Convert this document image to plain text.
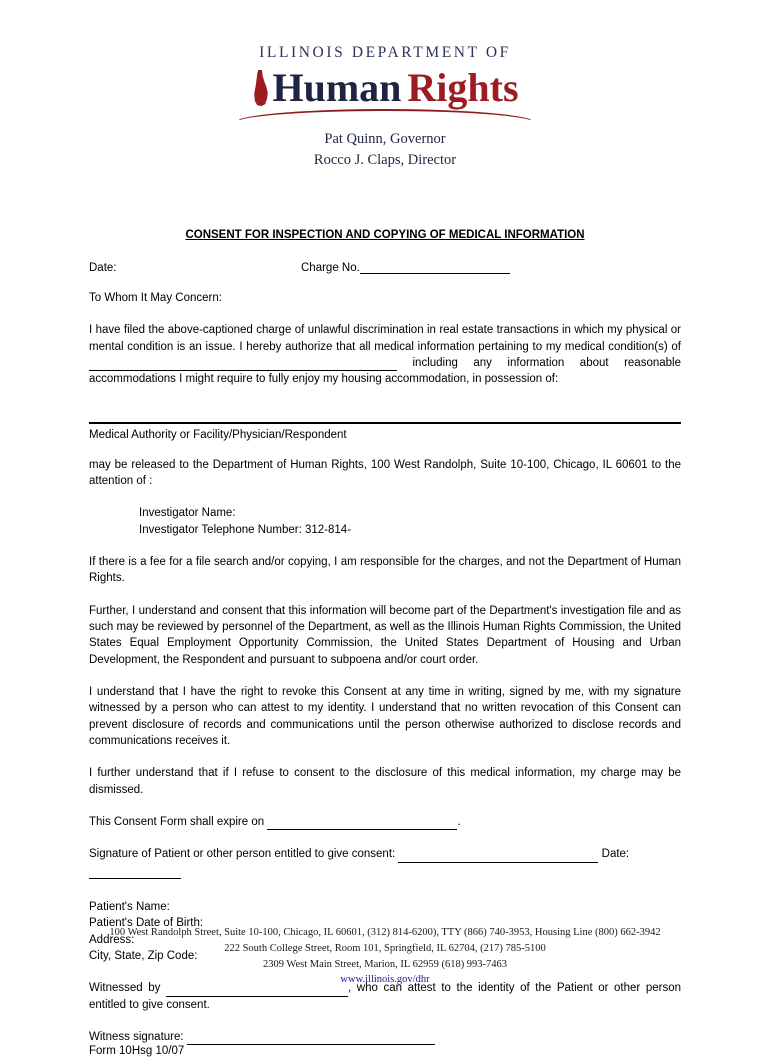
ILLINOIS DEPARTMENT OF
Human Rights
Pat Quinn, Governor
Rocco J. Claps, Director
CONSENT FOR INSPECTION AND COPYING OF MEDICAL INFORMATION
Date:	Charge No.

To Whom It May Concern:

I have filed the above-captioned charge of unlawful discrimination in real estate transactions in which my physical or mental condition is an issue. I hereby authorize that all medical information pertaining to my medical condition(s) of  including any information about reasonable accommodations I might require to fully enjoy my housing accommodation, in possession of:

Medical Authority or Facility/Physician/Respondent

may be released to the Department of Human Rights, 100 West Randolph, Suite 10-100, Chicago, IL 60601 to the attention of :

Investigator Name:
Investigator Telephone Number: 312-814-

If there is a fee for a file search and/or copying, I am responsible for the charges, and not the Department of Human Rights.

Further, I understand and consent that this information will become part of the Department's investigation file and as such may be reviewed by personnel of the Department, as well as the Illinois Human Rights Commission, the United States Equal Employment Opportunity Commission, the United States Department of Housing and Urban Development, the Respondent and pursuant to subpoena and/or court order.

I understand that I have the right to revoke this Consent at any time in writing, signed by me, with my signature witnessed by a person who can attest to my identity. I understand that no written revocation of this Consent can prevent disclosure of records and communications until the person otherwise authorized to disclose records and communications receives it.

I further understand that if I refuse to consent to the disclosure of this medical information, my charge may be dismissed.

This Consent Form shall expire on	.

Signature of Patient or other person entitled to give consent:	Date:

Patient's Name:
Patient's Date of Birth:
Address:
City, State, Zip Code:

Witnessed by	, who can attest to the identity of the Patient or other person entitled to give consent.

Witness signature:

Form 10Hsg 10/07
100 West Randolph Street, Suite 10-100, Chicago, IL 60601, (312) 814-6200), TTY (866) 740-3953, Housing Line (800) 662-3942
222 South College Street, Room 101, Springfield, IL 62704, (217) 785-5100
2309 West Main Street, Marion, IL 62959 (618) 993-7463
www.illinois.gov/dhr
